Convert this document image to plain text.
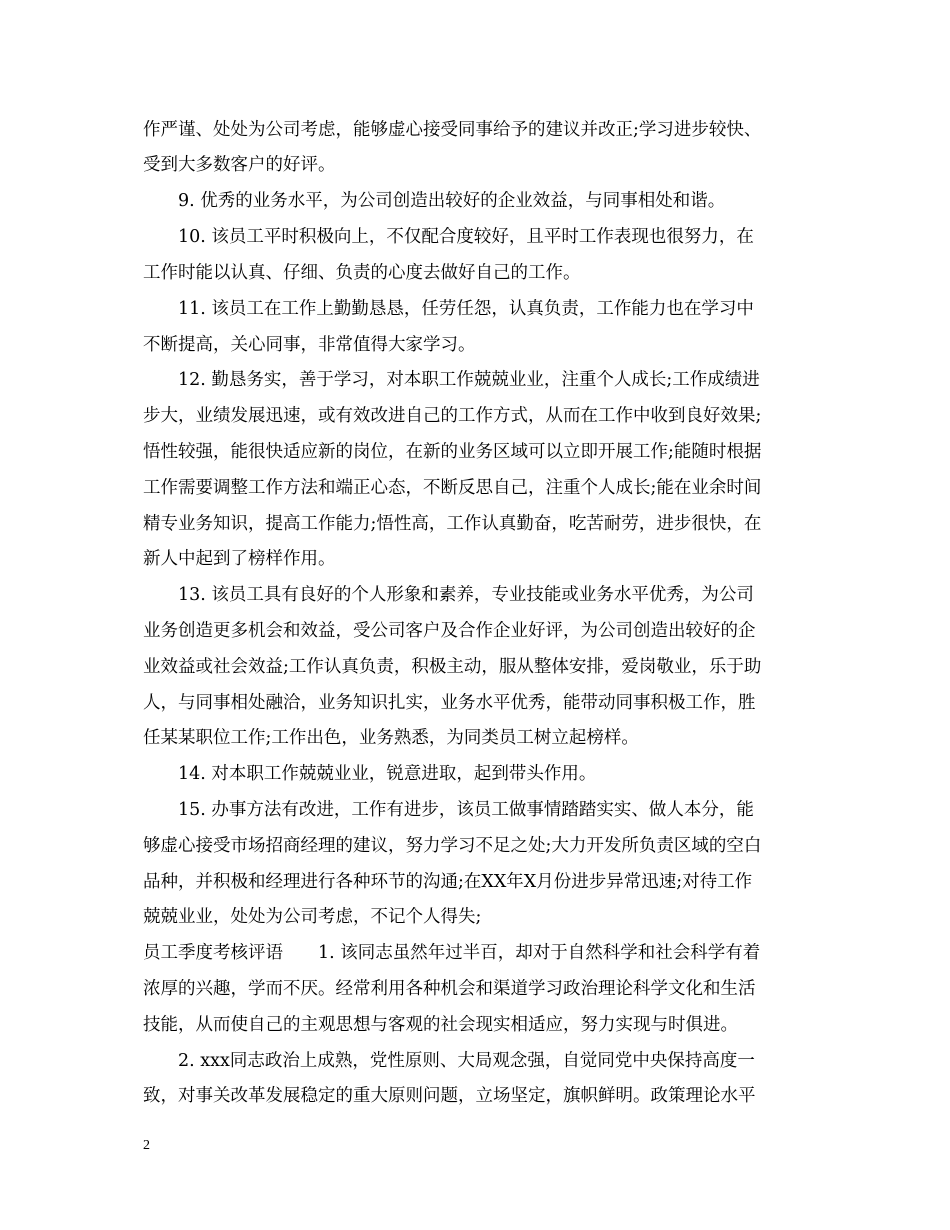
作严谨、处处为公司考虑，能够虚心接受同事给予的建议并改正;学习进步较快、
受到大多数客户的好评。
9. 优秀的业务水平，为公司创造出较好的企业效益，与同事相处和谐。
10. 该员工平时积极向上，不仅配合度较好，且平时工作表现也很努力，在
工作时能以认真、仔细、负责的心度去做好自己的工作。
11. 该员工在工作上勤勤恳恳，任劳任怨，认真负责，工作能力也在学习中
不断提高，关心同事，非常值得大家学习。
12. 勤恳务实，善于学习，对本职工作兢兢业业，注重个人成长;工作成绩进
步大，业绩发展迅速，或有效改进自己的工作方式，从而在工作中收到良好效果;
悟性较强，能很快适应新的岗位，在新的业务区域可以立即开展工作;能随时根据
工作需要调整工作方法和端正心态，不断反思自己，注重个人成长;能在业余时间
精专业务知识，提高工作能力;悟性高，工作认真勤奋，吃苦耐劳，进步很快，在
新人中起到了榜样作用。
13. 该员工具有良好的个人形象和素养，专业技能或业务水平优秀，为公司
业务创造更多机会和效益，受公司客户及合作企业好评，为公司创造出较好的企
业效益或社会效益;工作认真负责，积极主动，服从整体安排，爱岗敬业，乐于助
人，与同事相处融洽，业务知识扎实，业务水平优秀，能带动同事积极工作，胜
任某某职位工作;工作出色，业务熟悉，为同类员工树立起榜样。
14. 对本职工作兢兢业业，锐意进取，起到带头作用。
15. 办事方法有改进，工作有进步，该员工做事情踏踏实实、做人本分，能
够虚心接受市场招商经理的建议，努力学习不足之处;大力开发所负责区域的空白
品种，并积极和经理进行各种环节的沟通;在XX年X月份进步异常迅速;对待工作
兢兢业业，处处为公司考虑，不记个人得失;
员工季度考核评语　　1. 该同志虽然年过半百，却对于自然科学和社会科学有着
浓厚的兴趣，学而不厌。经常利用各种机会和渠道学习政治理论科学文化和生活
技能，从而使自己的主观思想与客观的社会现实相适应，努力实现与时俱进。
2. xxx同志政治上成熟，党性原则、大局观念强，自觉同党中央保持高度一
致，对事关改革发展稳定的重大原则问题，立场坚定，旗帜鲜明。政策理论水平
2
